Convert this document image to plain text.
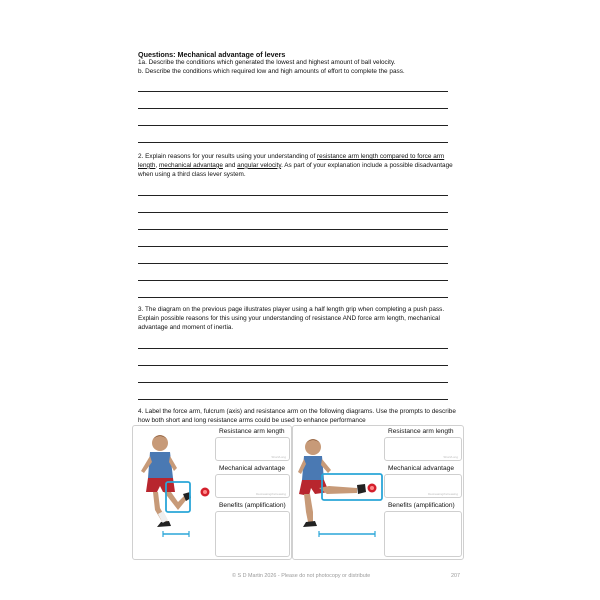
Questions: Mechanical advantage of levers
1a. Describe the conditions which generated the lowest and highest amount of ball velocity.
b. Describe the conditions which required low and high amounts of effort to complete the pass.
2. Explain reasons for your results using your understanding of resistance arm length compared to force arm length, mechanical advantage and angular velocity. As part of your explanation include a possible disadvantage when using a third class lever system.
3. The diagram on the previous page illustrates player using a half length grip when completing a push pass. Explain possible reasons for this using your understanding of resistance AND force arm length, mechanical advantage and moment of inertia.
4. Label the force arm, fulcrum (axis) and resistance arm on the following diagrams. Use the prompts to describe how both short and long resistance arms could be used to enhance performance
Resistance arm length
Short/Long
Mechanical advantage
Decreasing/Increasing
Benefits (amplification)
Resistance arm length
Short/Long
Mechanical advantage
Decreasing/Increasing
Benefits (amplification)
© S D Martin 2026 - Please do not photocopy or distribute	207
